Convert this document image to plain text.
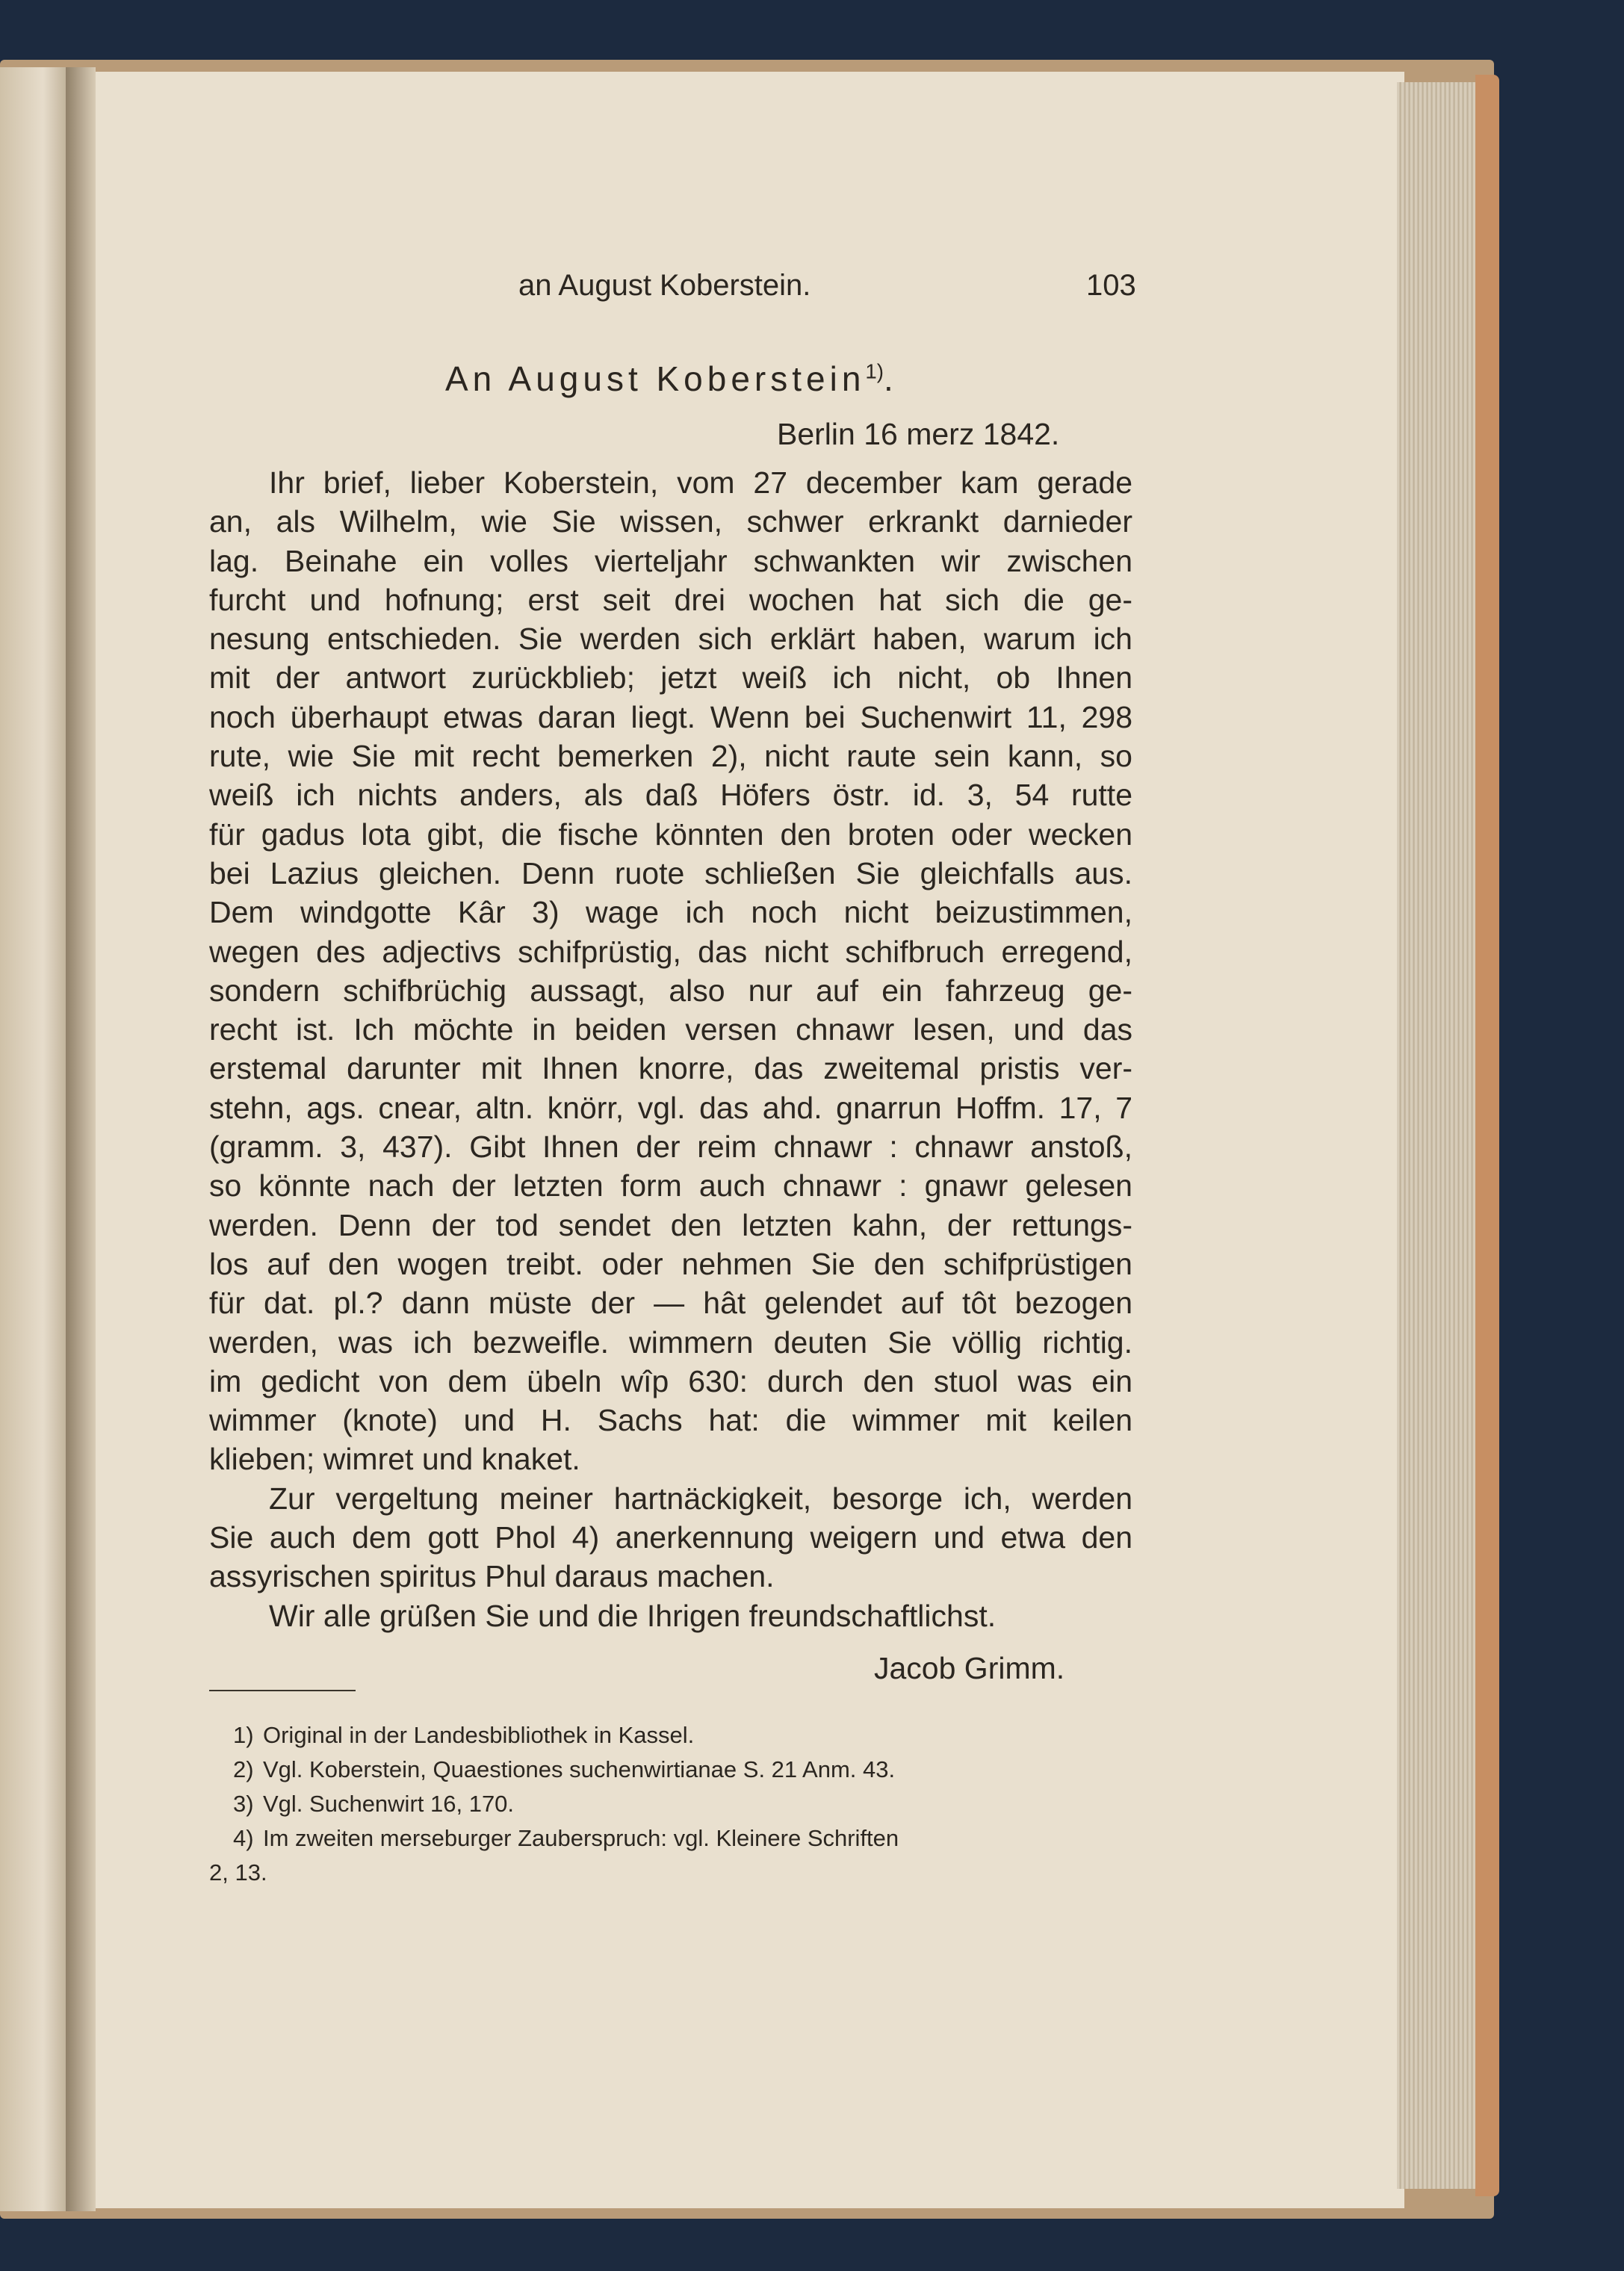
an August Koberstein.	103
An August Koberstein$^{1)}$.
Berlin 16 merz 1842.
Ihr brief, lieber Koberstein, vom 27 december kam gerade
an, als Wilhelm, wie Sie wissen, schwer erkrankt darnieder
lag. Beinahe ein volles vierteljahr schwankten wir zwischen
furcht und hofnung; erst seit drei wochen hat sich die ge-
nesung entschieden. Sie werden sich erklärt haben, warum ich
mit der antwort zurückblieb; jetzt weiß ich nicht, ob Ihnen
noch überhaupt etwas daran liegt. Wenn bei Suchenwirt 11, 298
rute, wie Sie mit recht bemerken 2), nicht raute sein kann, so
weiß ich nichts anders, als daß Höfers östr. id. 3, 54 rutte
für gadus lota gibt, die fische könnten den broten oder wecken
bei Lazius gleichen. Denn ruote schließen Sie gleichfalls aus.
Dem windgotte Kâr 3) wage ich noch nicht beizustimmen,
wegen des adjectivs schifprüstig, das nicht schifbruch erregend,
sondern schifbrüchig aussagt, also nur auf ein fahrzeug ge-
recht ist. Ich möchte in beiden versen chnawr lesen, und das
erstemal darunter mit Ihnen knorre, das zweitemal pristis ver-
stehn, ags. cnear, altn. knörr, vgl. das ahd. gnarrun Hoffm. 17, 7
(gramm. 3, 437). Gibt Ihnen der reim chnawr : chnawr anstoß,
so könnte nach der letzten form auch chnawr : gnawr gelesen
werden. Denn der tod sendet den letzten kahn, der rettungs-
los auf den wogen treibt. oder nehmen Sie den schifprüstigen
für dat. pl.? dann müste der — hât gelendet auf tôt bezogen
werden, was ich bezweifle. wimmern deuten Sie völlig richtig.
im gedicht von dem übeln wîp 630: durch den stuol was ein
wimmer (knote) und H. Sachs hat: die wimmer mit keilen
klieben; wimret und knaket.
Zur vergeltung meiner hartnäckigkeit, besorge ich, werden
Sie auch dem gott Phol 4) anerkennung weigern und etwa den
assyrischen spiritus Phul daraus machen.
Wir alle grüßen Sie und die Ihrigen freundschaftlichst.
Jacob Grimm.
1) Original in der Landesbibliothek in Kassel.
2) Vgl. Koberstein, Quaestiones suchenwirtianae S. 21 Anm. 43.
3) Vgl. Suchenwirt 16, 170.
4) Im zweiten merseburger Zauberspruch: vgl. Kleinere Schriften
2, 13.
